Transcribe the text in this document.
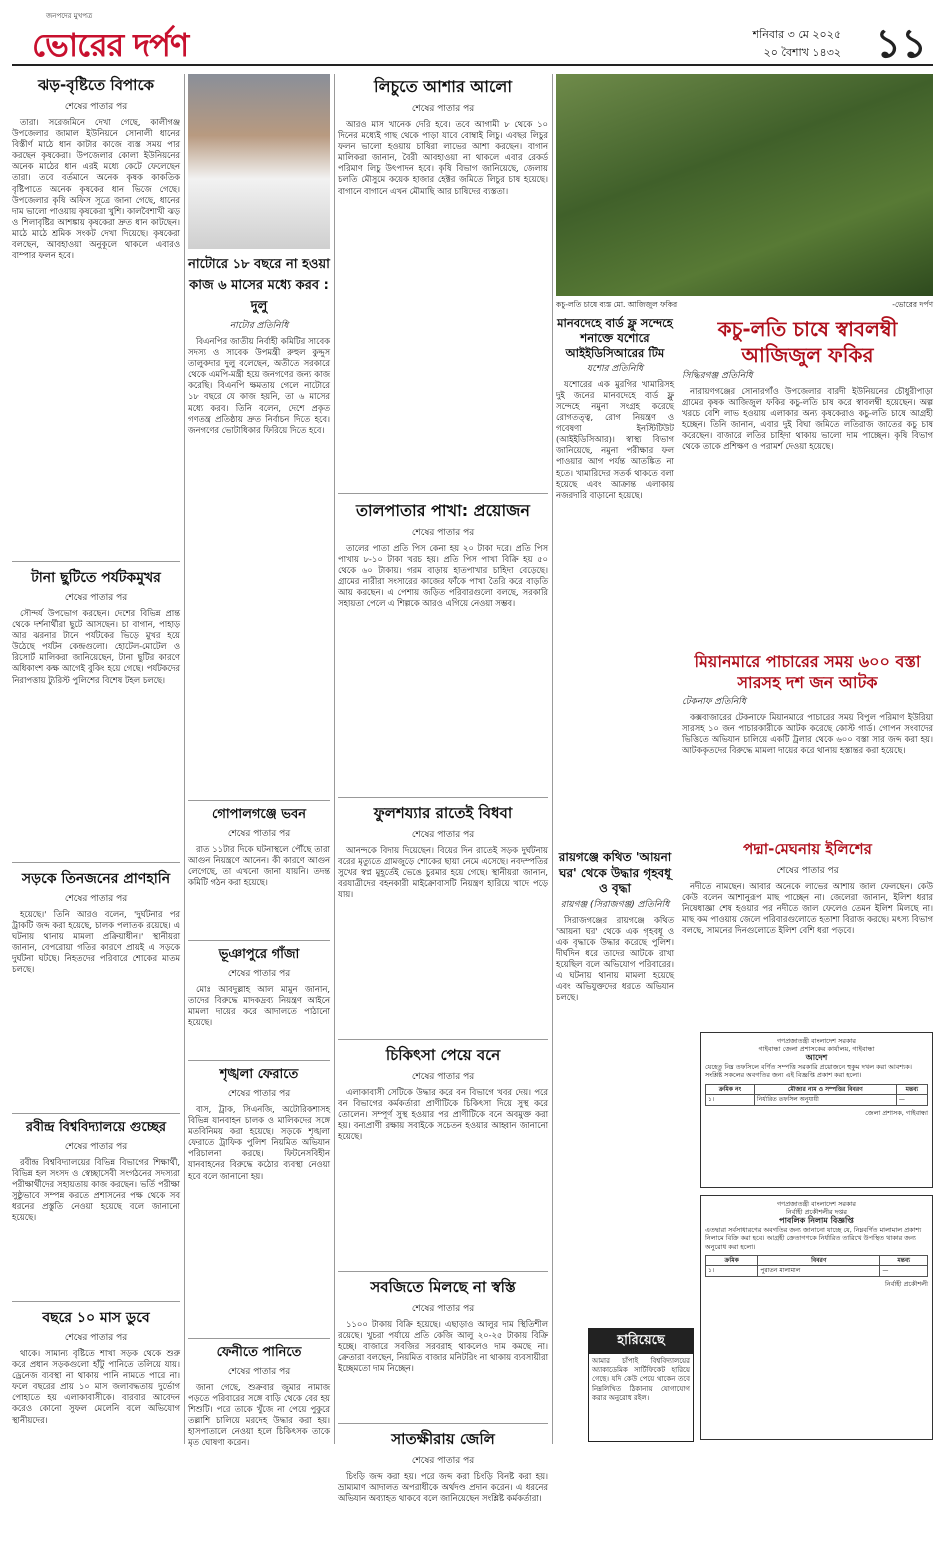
জনপদের মুখপত্র
ভোরের দর্পণ	শনিবার ৩ মে ২০২৫
২০ বৈশাখ ১৪৩২ ১১
ঝড়-বৃষ্টিতে বিপাকে
শেষের পাতার পর

তারা। সরেজমিনে দেখা গেছে, কালীগঞ্জ উপজেলার জামাল ইউনিয়নে সোনালী ধানের বিস্তীর্ণ মাঠে ধান কাটার কাজে ব্যস্ত সময় পার করছেন কৃষকেরা। উপজেলার কোলা ইউনিয়নের অনেক মাঠের ধান এরই মধ্যে কেটে ফেলেছেন তারা। তবে বর্তমানে অনেক কৃষক কাকতিক বৃষ্টিপাতে অনেক কৃষকের ধান ভিজে গেছে। উপজেলার কৃষি অফিস সূত্রে জানা গেছে, ধানের দাম ভালো পাওয়ায় কৃষকেরা খুশি। কালবৈশাখী ঝড় ও শিলাবৃষ্টির আশঙ্কায় কৃষকেরা দ্রুত ধান কাটছেন। মাঠে মাঠে শ্রমিক সংকট দেখা দিয়েছে। কৃষকেরা বলছেন, আবহাওয়া অনুকূলে থাকলে এবারও বাম্পার ফলন হবে।

টানা ছুটিতে পর্যটকমুখর
শেষের পাতার পর

সৌন্দর্য উপভোগ করছেন। দেশের বিভিন্ন প্রান্ত থেকে দর্শনার্থীরা ছুটে আসছেন। চা বাগান, পাহাড় আর ঝরনার টানে পর্যটকের ভিড়ে মুখর হয়ে উঠেছে পর্যটন কেন্দ্রগুলো। হোটেল-মোটেল ও রিসোর্ট মালিকরা জানিয়েছেন, টানা ছুটির কারণে অধিকাংশ কক্ষ আগেই বুকিং হয়ে গেছে। পর্যটকদের নিরাপত্তায় ট্যুরিস্ট পুলিশের বিশেষ টহল চলছে।

সড়কে তিনজনের প্রাণহানি
শেষের পাতার পর

হয়েছে।' তিনি আরও বলেন, 'দুর্ঘটনার পর ট্রাকটি জব্দ করা হয়েছে, চালক পলাতক রয়েছে। এ ঘটনায় থানায় মামলা প্রক্রিয়াধীন।' স্থানীয়রা জানান, বেপরোয়া গতির কারণে প্রায়ই এ সড়কে দুর্ঘটনা ঘটছে। নিহতদের পরিবারে শোকের মাতম চলছে।

রবীন্দ্র বিশ্ববিদ্যালয়ে গুচ্ছের
শেষের পাতার পর

রবীন্দ্র বিশ্ববিদ্যালয়ের বিভিন্ন বিভাগের শিক্ষার্থী, বিভিন্ন হল সংসদ ও স্বেচ্ছাসেবী সংগঠনের সদস্যরা পরীক্ষার্থীদের সহায়তায় কাজ করছেন। ভর্তি পরীক্ষা সুষ্ঠুভাবে সম্পন্ন করতে প্রশাসনের পক্ষ থেকে সব ধরনের প্রস্তুতি নেওয়া হয়েছে বলে জানানো হয়েছে।

বছরে ১০ মাস ডুবে
শেষের পাতার পর

থাকে। সামান্য বৃষ্টিতে শাখা সড়ক থেকে শুরু করে প্রধান সড়কগুলো হাঁটু পানিতে তলিয়ে যায়। ড্রেনেজ ব্যবস্থা না থাকায় পানি নামতে পারে না। ফলে বছরের প্রায় ১০ মাস জলাবদ্ধতায় দুর্ভোগ পোহাতে হয় এলাকাবাসীকে। বারবার আবেদন করেও কোনো সুফল মেলেনি বলে অভিযোগ স্থানীয়দের।

নাটোরে ১৮ বছরে না হওয়া কাজ ৬ মাসের মধ্যে করব : দুলু
নাটোর প্রতিনিধি

বিএনপির জাতীয় নির্বাহী কমিটির সাবেক সদস্য ও সাবেক উপমন্ত্রী রুহুল কুদ্দুস তালুকদার দুলু বলেছেন, অতীতে সরকারে থেকে এমপি-মন্ত্রী হয়ে জনগণের জন্য কাজ করেছি। বিএনপি ক্ষমতায় গেলে নাটোরে ১৮ বছরে যে কাজ হয়নি, তা ৬ মাসের মধ্যে করব। তিনি বলেন, দেশে প্রকৃত গণতন্ত্র প্রতিষ্ঠায় দ্রুত নির্বাচন দিতে হবে। জনগণের ভোটাধিকার ফিরিয়ে দিতে হবে।

গোপালগঞ্জে ভবন
শেষের পাতার পর

রাত ১১টার দিকে ঘটনাস্থলে পৌঁছে তারা আগুন নিয়ন্ত্রণে আনেন। কী কারণে আগুন লেগেছে, তা এখনো জানা যায়নি। তদন্ত কমিটি গঠন করা হয়েছে।

ভূঞাপুরে গাঁজা
শেষের পাতার পর

মোঃ আবদুল্লাহ আল মামুন জানান, তাদের বিরুদ্ধে মাদকদ্রব্য নিয়ন্ত্রণ আইনে মামলা দায়ের করে আদালতে পাঠানো হয়েছে।

শৃঙ্খলা ফেরাতে
শেষের পাতার পর

বাস, ট্রাক, সিএনজি, অটোরিকশাসহ বিভিন্ন যানবাহন চালক ও মালিকদের সঙ্গে মতবিনিময় করা হয়েছে। সড়কে শৃঙ্খলা ফেরাতে ট্রাফিক পুলিশ নিয়মিত অভিযান পরিচালনা করছে। ফিটনেসবিহীন যানবাহনের বিরুদ্ধে কঠোর ব্যবস্থা নেওয়া হবে বলে জানানো হয়।

ফেনীতে পানিতে
শেষের পাতার পর

জানা গেছে, শুক্রবার জুমার নামাজ পড়তে পরিবারের সঙ্গে বাড়ি থেকে বের হয় শিশুটি। পরে তাকে খুঁজে না পেয়ে পুকুরে তল্লাশি চালিয়ে মরদেহ উদ্ধার করা হয়। হাসপাতালে নেওয়া হলে চিকিৎসক তাকে মৃত ঘোষণা করেন।

লিচুতে আশার আলো
শেষের পাতার পর

আরও মাস খানেক দেরি হবে। তবে আগামী ৮ থেকে ১০ দিনের মধ্যেই গাছ থেকে পাড়া যাবে বোম্বাই লিচু। এবছর লিচুর ফলন ভালো হওয়ায় চাষিরা লাভের আশা করছেন। বাগান মালিকরা জানান, বৈরী আবহাওয়া না থাকলে এবার রেকর্ড পরিমাণ লিচু উৎপাদন হবে। কৃষি বিভাগ জানিয়েছে, জেলায় চলতি মৌসুমে কয়েক হাজার হেক্টর জমিতে লিচুর চাষ হয়েছে। বাগানে বাগানে এখন মৌমাছি আর চাষিদের ব্যস্ততা।

তালপাতার পাখা: প্রয়োজন
শেষের পাতার পর

তালের পাতা প্রতি পিস কেনা হয় ২০ টাকা দরে। প্রতি পিস পাখায় ৮-১০ টাকা খরচ হয়। প্রতি পিস পাখা বিক্রি হয় ৫০ থেকে ৬০ টাকায়। গরম বাড়ায় হাতপাখার চাহিদা বেড়েছে। গ্রামের নারীরা সংসারের কাজের ফাঁকে পাখা তৈরি করে বাড়তি আয় করছেন। এ পেশায় জড়িত পরিবারগুলো বলছে, সরকারি সহায়তা পেলে এ শিল্পকে আরও এগিয়ে নেওয়া সম্ভব।

ফুলশয্যার রাতেই বিধবা
শেষের পাতার পর

আনন্দকে বিদায় দিয়েছেন। বিয়ের দিন রাতেই সড়ক দুর্ঘটনায় বরের মৃত্যুতে গ্রামজুড়ে শোকের ছায়া নেমে এসেছে। নবদম্পতির সুখের স্বপ্ন মুহূর্তেই ভেঙে চুরমার হয়ে গেছে। স্থানীয়রা জানান, বরযাত্রীদের বহনকারী মাইক্রোবাসটি নিয়ন্ত্রণ হারিয়ে খাদে পড়ে যায়।

চিকিৎসা পেয়ে বনে
শেষের পাতার পর

এলাকাবাসী সেটিকে উদ্ধার করে বন বিভাগে খবর দেয়। পরে বন বিভাগের কর্মকর্তারা প্রাণীটিকে চিকিৎসা দিয়ে সুস্থ করে তোলেন। সম্পূর্ণ সুস্থ হওয়ার পর প্রাণীটিকে বনে অবমুক্ত করা হয়। বন্যপ্রাণী রক্ষায় সবাইকে সচেতন হওয়ার আহ্বান জানানো হয়েছে।

সবজিতে মিলছে না স্বস্তি
শেষের পাতার পর

১১০০ টাকায় বিক্রি হয়েছে। এছাড়াও আলুর দাম স্থিতিশীল রয়েছে। খুচরা পর্যায়ে প্রতি কেজি আলু ২০-২৫ টাকায় বিক্রি হচ্ছে। বাজারে সবজির সরবরাহ থাকলেও দাম কমছে না। ক্রেতারা বলছেন, নিয়মিত বাজার মনিটরিং না থাকায় ব্যবসায়ীরা ইচ্ছেমতো দাম নিচ্ছেন।

সাতক্ষীরায় জেলি
শেষের পাতার পর

চিংড়ি জব্দ করা হয়। পরে জব্দ করা চিংড়ি বিনষ্ট করা হয়। ভ্রাম্যমাণ আদালত অপরাধীকে অর্থদণ্ড প্রদান করেন। এ ধরনের অভিযান অব্যাহত থাকবে বলে জানিয়েছেন সংশ্লিষ্ট কর্মকর্তারা।

কচু-লতি চাষে ব্যস্ত মো. আজিজুল ফকির	-ভোরের দর্পণ
মানবদেহে বার্ড ফ্লু সন্দেহে শনাক্তে যশোরে আইইডিসিআরের টিম
যশোর প্রতিনিধি

যশোরের এক মুরগির খামারিসহ দুই জনের মানবদেহে বার্ড ফ্লু সন্দেহে নমুনা সংগ্রহ করেছে রোগতত্ত্ব, রোগ নিয়ন্ত্রণ ও গবেষণা ইনস্টিটিউট (আইইডিসিআর)। স্বাস্থ্য বিভাগ জানিয়েছে, নমুনা পরীক্ষার ফল পাওয়ার আগ পর্যন্ত আতঙ্কিত না হতে। খামারিদের সতর্ক থাকতে বলা হয়েছে এবং আক্রান্ত এলাকায় নজরদারি বাড়ানো হয়েছে।

কচু-লতি চাষে স্বাবলম্বী আজিজুল ফকির
সিদ্ধিরগঞ্জ প্রতিনিধি

নারায়ণগঞ্জের সোনারগাঁও উপজেলার বারদী ইউনিয়নের চৌধুরীপাড়া গ্রামের কৃষক আজিজুল ফকির কচু-লতি চাষ করে স্বাবলম্বী হয়েছেন। অল্প খরচে বেশি লাভ হওয়ায় এলাকার অন্য কৃষকেরাও কচু-লতি চাষে আগ্রহী হচ্ছেন। তিনি জানান, এবার দুই বিঘা জমিতে লতিরাজ জাতের কচু চাষ করেছেন। বাজারে লতির চাহিদা থাকায় ভালো দাম পাচ্ছেন। কৃষি বিভাগ থেকে তাকে প্রশিক্ষণ ও পরামর্শ দেওয়া হয়েছে।

মিয়ানমারে পাচারের সময় ৬০০ বস্তা সারসহ দশ জন আটক
টেকনাফ প্রতিনিধি

কক্সবাজারের টেকনাফে মিয়ানমারে পাচারের সময় বিপুল পরিমাণ ইউরিয়া সারসহ ১০ জন পাচারকারীকে আটক করেছে কোস্ট গার্ড। গোপন সংবাদের ভিত্তিতে অভিযান চালিয়ে একটি ট্রলার থেকে ৬০০ বস্তা সার জব্দ করা হয়। আটককৃতদের বিরুদ্ধে মামলা দায়ের করে থানায় হস্তান্তর করা হয়েছে।

রায়গঞ্জে কথিত 'আয়না ঘর' থেকে উদ্ধার গৃহবধূ ও বৃদ্ধা
রায়গঞ্জ (সিরাজগঞ্জ) প্রতিনিধি

সিরাজগঞ্জের রায়গঞ্জে কথিত 'আয়না ঘর' থেকে এক গৃহবধূ ও এক বৃদ্ধাকে উদ্ধার করেছে পুলিশ। দীর্ঘদিন ধরে তাদের আটকে রাখা হয়েছিল বলে অভিযোগ পরিবারের। এ ঘটনায় থানায় মামলা হয়েছে এবং অভিযুক্তদের ধরতে অভিযান চলছে।

পদ্মা-মেঘনায় ইলিশের
শেষের পাতার পর

নদীতে নামছেন। আবার অনেকে লাভের আশায় জাল ফেলছেন। কেউ কেউ বলেন আশানুরূপ মাছ পাচ্ছেন না। জেলেরা জানান, ইলিশ ধরার নিষেধাজ্ঞা শেষ হওয়ার পর নদীতে জাল ফেলেও তেমন ইলিশ মিলছে না। মাছ কম পাওয়ায় জেলে পরিবারগুলোতে হতাশা বিরাজ করছে। মৎস্য বিভাগ বলছে, সামনের দিনগুলোতে ইলিশ বেশি ধরা পড়বে।

গণপ্রজাতন্ত্রী বাংলাদেশ সরকার
গাইবান্ধা জেলা প্রশাসকের কার্যালয়, গাইবান্ধা
আদেশ
যেহেতু নিম্ন তফসিলে বর্ণিত সম্পত্তি সরকারি প্রয়োজনে হুকুম দখল করা আবশ্যক। সংশ্লিষ্ট সকলের অবগতির জন্য এই বিজ্ঞপ্তি প্রকাশ করা হলো।
ক্রমিক নং	মৌজার নাম ও সম্পত্তির বিবরণ	মন্তব্য
১।	নির্ধারিত তফসিল অনুযায়ী	—
জেলা প্রশাসক, গাইবান্ধা
গণপ্রজাতন্ত্রী বাংলাদেশ সরকার
নির্বাহী প্রকৌশলীর দপ্তর
পাবলিক নিলাম বিজ্ঞপ্তি
এতদ্বারা সর্বসাধারণের অবগতির জন্য জানানো যাচ্ছে যে, নিম্নবর্ণিত মালামাল প্রকাশ্য নিলামে বিক্রি করা হবে। আগ্রহী ক্রেতাগণকে নির্ধারিত তারিখে উপস্থিত থাকার জন্য অনুরোধ করা হলো।
ক্রমিক	বিবরণ	মন্তব্য
১।	পুরাতন মালামাল	—
নির্বাহী প্রকৌশলী
হারিয়েছে
আমার চাঁপাই বিশ্ববিদ্যালয়ের অ্যাকাডেমিক সার্টিফিকেট হারিয়ে গেছে। যদি কেউ পেয়ে থাকেন তবে নিম্নলিখিত ঠিকানায় যোগাযোগ করার অনুরোধ রইল।
